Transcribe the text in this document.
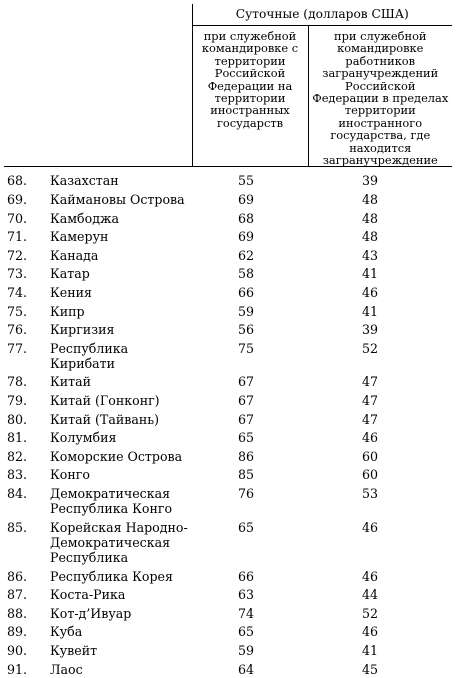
		Суточные (долларов США)	
		при служебной командировке с территории Российской Федерации на территории иностранных государств	при служебной командировке работников загранучреждений Российской Федерации в пределах территории иностранного государства, где находится загранучреждение
68.	Казахстан	55	39
69.	Каймановы Острова	69	48
70.	Камбоджа	68	48
71.	Камерун	69	48
72.	Канада	62	43
73.	Катар	58	41
74.	Кения	66	46
75.	Кипр	59	41
76.	Киргизия	56	39
77.	Республика Кирибати	75	52
78.	Китай	67	47
79.	Китай (Гонконг)	67	47
80.	Китай (Тайвань)	67	47
81.	Колумбия	65	46
82.	Коморские Острова	86	60
83.	Конго	85	60
84.	Демократическая Республика Конго	76	53
85.	Корейская Народно-Демократическая Республика	65	46
86.	Республика Корея	66	46
87.	Коста-Рика	63	44
88.	Кот-д’Ивуар	74	52
89.	Куба	65	46
90.	Кувейт	59	41
91.	Лаос	64	45
